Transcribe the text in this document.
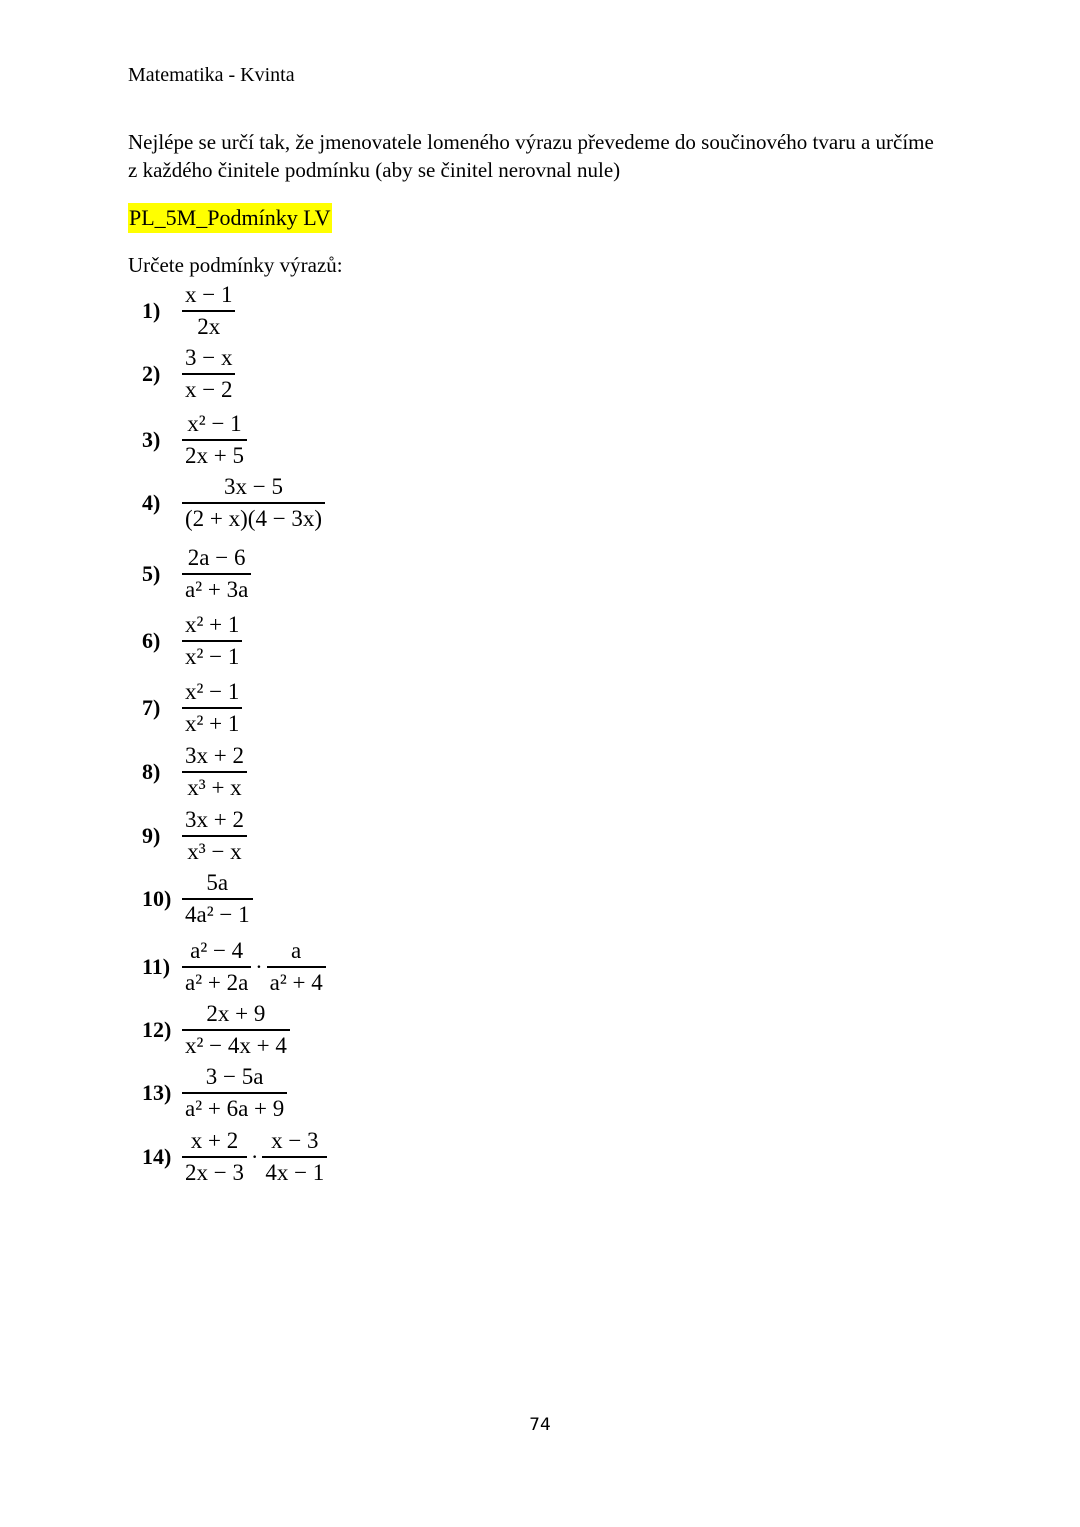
Matematika - Kvinta

Nejlépe se určí tak, že jmenovatele lomeného výrazu převedeme do součinového tvaru a určíme z každého činitele podmínku (aby se činitel nerovnal nule)

PL_5M_Podmínky LV
Určete podmínky výrazů:
$1) \frac{x - 1}{2x}$
$2) \frac{3 - x}{x - 2}$
$3) \frac{\text{x² − 1}}{2x + 5}$
$4) \frac{3x - 5}{(2 + x)(4 - 3x)}$
$5) \frac{2a - 6}{\text{a² + 3a}}$
$6) \frac{\text{x² + 1}}{\text{x² − 1}}$
$7) \frac{\text{x² − 1}}{\text{x² + 1}}$
$8) \frac{3x + 2}{\text{x³ + x}}$
$9) \frac{3x + 2}{\text{x³ − x}}$
$10) \frac{5a}{\text{4a² − 1}}$
$11) \frac{\text{a² − 4}}{\text{a² + 2a}} \cdot \frac{a}{\text{a² + 4}}$
$12) \frac{2x + 9}{\text{x² − 4x + 4}}$
$13) \frac{3 - 5a}{\text{a² + 6a + 9}}$
$14) \frac{x + 2}{2x - 3} \cdot \frac{x - 3}{4x - 1}$
74
